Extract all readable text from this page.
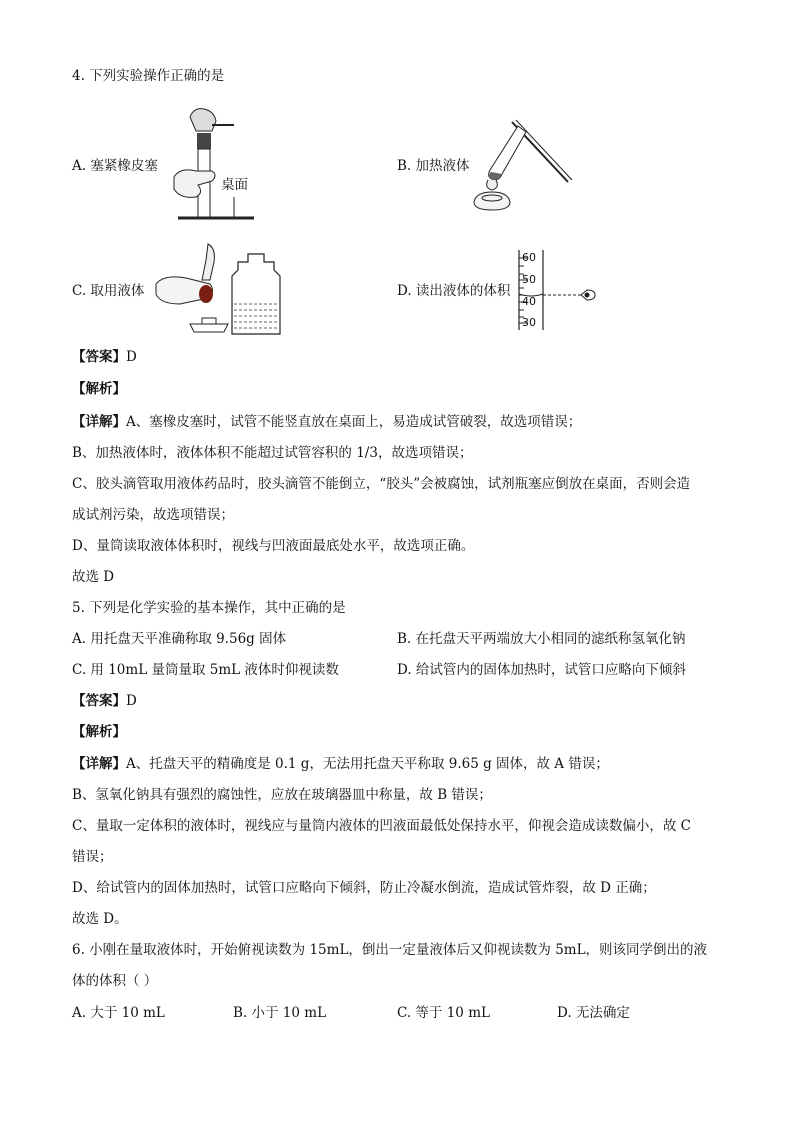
4. 下列实验操作正确的是
A. 塞紧橡皮塞
桌面
B. 加热液体
C. 取用液体	D. 读出液体的体积
60
50
40
30
【答案】D
【解析】
【详解】A、塞橡皮塞时，试管不能竖直放在桌面上，易造成试管破裂，故选项错误；
B、加热液体时，液体体积不能超过试管容积的 1/3，故选项错误；
C、胶头滴管取用液体药品时，胶头滴管不能倒立，“胶头”会被腐蚀，试剂瓶塞应倒放在桌面，否则会造
成试剂污染，故选项错误；
D、量筒读取液体体积时，视线与凹液面最底处水平，故选项正确。
故选 D
5. 下列是化学实验的基本操作，其中正确的是
A. 用托盘天平准确称取 9.56g 固体	B. 在托盘天平两端放大小相同的滤纸称氢氧化钠
C. 用 10mL 量筒量取 5mL 液体时仰视读数	D. 给试管内的固体加热时，试管口应略向下倾斜
【答案】D
【解析】
【详解】A、托盘天平的精确度是 0.1 g，无法用托盘天平称取 9.65 g 固体，故 A 错误；
B、氢氧化钠具有强烈的腐蚀性，应放在玻璃器皿中称量，故 B 错误；
C、量取一定体积的液体时，视线应与量筒内液体的凹液面最低处保持水平，仰视会造成读数偏小，故 C
错误；
D、给试管内的固体加热时，试管口应略向下倾斜，防止冷凝水倒流，造成试管炸裂，故 D 正确；
故选 D。
6. 小刚在量取液体时，开始俯视读数为 15mL，倒出一定量液体后又仰视读数为 5mL，则该同学倒出的液
体的体积（ ）
A. 大于 10 mL	B. 小于 10 mL	C. 等于 10 mL	D. 无法确定
